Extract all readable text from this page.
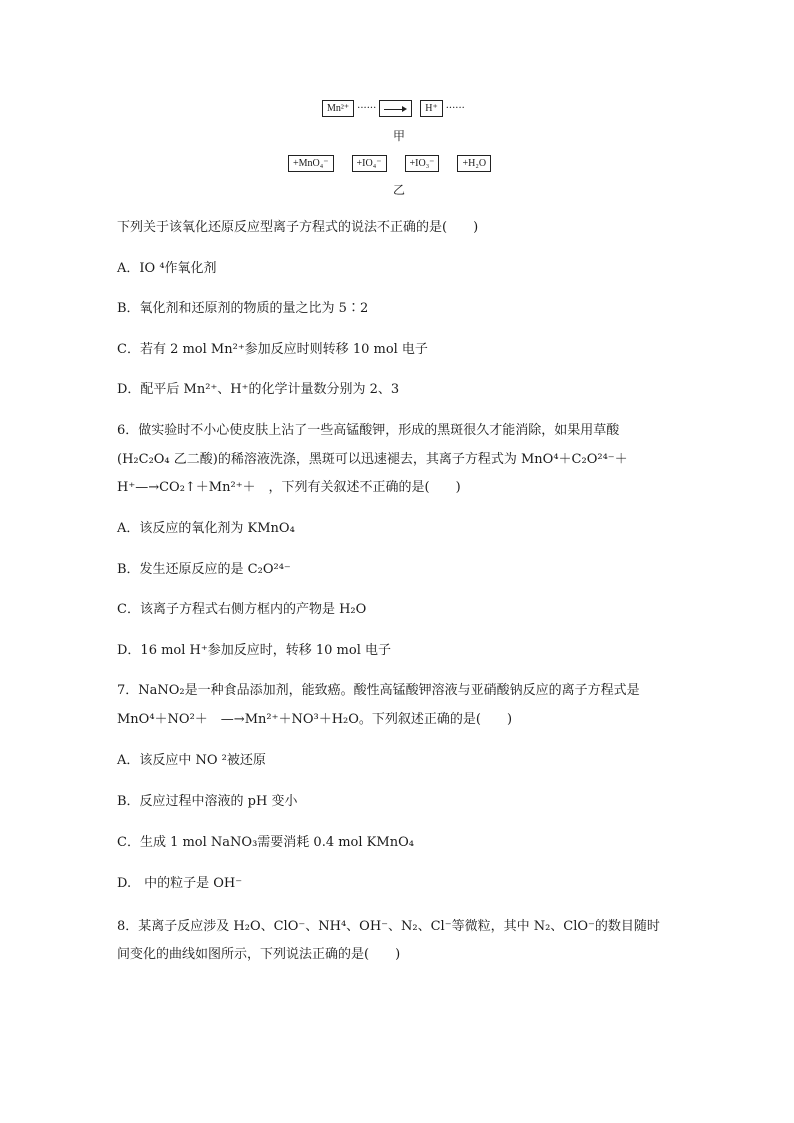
Mn²⁺ ······	H⁺ ······
甲
+MnO₄⁻	+IO₄⁻	+IO₃⁻	+H₂O
乙
下列关于该氧化还原反应型离子方程式的说法不正确的是(　　)
A．IO ⁴作氧化剂
B．氧化剂和还原剂的物质的量之比为 5∶2
C．若有 2 mol Mn²⁺参加反应时则转移 10 mol 电子
D．配平后 Mn²⁺、H⁺的化学计量数分别为 2、3
6．做实验时不小心使皮肤上沾了一些高锰酸钾，形成的黑斑很久才能消除，如果用草酸
(H₂C₂O₄ 乙二酸)的稀溶液洗涤，黑斑可以迅速褪去，其离子方程式为 MnO⁴＋C₂O²⁴⁻＋
H⁺—→CO₂↑＋Mn²⁺＋　，下列有关叙述不正确的是(　　)
A．该反应的氧化剂为 KMnO₄
B．发生还原反应的是 C₂O²⁴⁻
C．该离子方程式右侧方框内的产物是 H₂O
D．16 mol H⁺参加反应时，转移 10 mol 电子
7．NaNO₂是一种食品添加剂，能致癌。酸性高锰酸钾溶液与亚硝酸钠反应的离子方程式是
MnO⁴＋NO²＋　—→Mn²⁺＋NO³＋H₂O。下列叙述正确的是(　　)
A．该反应中 NO ²被还原
B．反应过程中溶液的 pH 变小
C．生成 1 mol NaNO₃需要消耗 0.4 mol KMnO₄
D.　中的粒子是 OH⁻
8．某离子反应涉及 H₂O、ClO⁻、NH⁴、OH⁻、N₂、Cl⁻等微粒，其中 N₂、ClO⁻的数目随时
间变化的曲线如图所示，下列说法正确的是(　　)
